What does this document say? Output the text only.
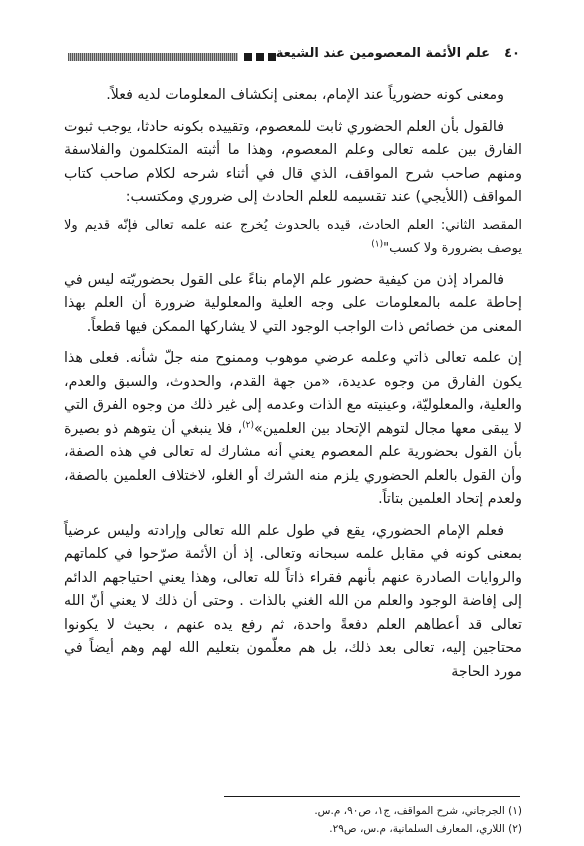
٤٠
علم الأئمة المعصومين عند الشيعة

ومعنى كونه حضورياً عند الإمام، بمعنى إنكشاف المعلومات لديه فعلاً.

فالقول بأن العلم الحضوري ثابت للمعصوم، وتقييده بكونه حادثا، يوجب ثبوت الفارق بين علمه تعالى وعلم المعصوم، وهذا ما أثبته المتكلمون والفلاسفة ومنهم صاحب شرح المواقف، الذي قال في أثناء شرحه لكلام صاحب كتاب المواقف (اللأيجي) عند تقسيمه للعلم الحادث إلى ضروري ومكتسب:

المقصد الثاني: العلم الحادث، قيده بالحدوث يُخرج عنه علمه تعالى فإنّه قديم ولا يوصف بضرورة ولا كسب"$^{(١)}$

فالمراد إذن من كيفية حضور علم الإمام بناءً على القول بحضوريّته ليس في إحاطة علمه بالمعلومات على وجه العلية والمعلولية ضرورة أن العلم بهذا المعنى من خصائص ذات الواجب الوجود التي لا يشاركها الممكن فيها قطعاً.

إن علمه تعالى ذاتي وعلمه عرضي موهوب وممنوح منه جلّ شأنه. فعلى هذا يكون الفارق من وجوه عديدة، «من جهة القدم، والحدوث، والسبق والعدم، والعلية، والمعلوليّة، وعينيته مع الذات وعدمه إلى غير ذلك من وجوه الفرق التي لا يبقى معها مجال لتوهم الإتحاد بين العلمين»$^{(٢)}$، فلا ينبغي أن يتوهم ذو بصيرة بأن القول بحضورية علم المعصوم يعني أنه مشارك له تعالى في هذه الصفة، وأن القول بالعلم الحضوري يلزم منه الشرك أو الغلو، لاختلاف العلمين بالصفة، ولعدم إتحاد العلمين بتاتاً.

فعلم الإمام الحضوري، يقع في طول علم الله تعالى وإرادته وليس عرضياً بمعنى كونه في مقابل علمه سبحانه وتعالى. إذ أن الأئمة صرّحوا في كلماتهم والروايات الصادرة عنهم بأنهم فقراء ذاتاً لله تعالى، وهذا يعني احتياجهم الدائم إلى إفاضة الوجود والعلم من الله الغني بالذات . وحتى أن ذلك لا يعني أنّ الله تعالى قد أعطاهم العلم دفعةً واحدة، ثم رفع يده عنهم ، بحيث لا يكونوا محتاجين إليه، تعالى بعد ذلك، بل هم معلّمون بتعليم الله لهم وهم أيضاً في مورد الحاجة

(١) الجرجاني، شرح المواقف، ج١، ص٩٠، م.س.

(٢) اللاري، المعارف السلمانية، م.س، ص٢٩.
